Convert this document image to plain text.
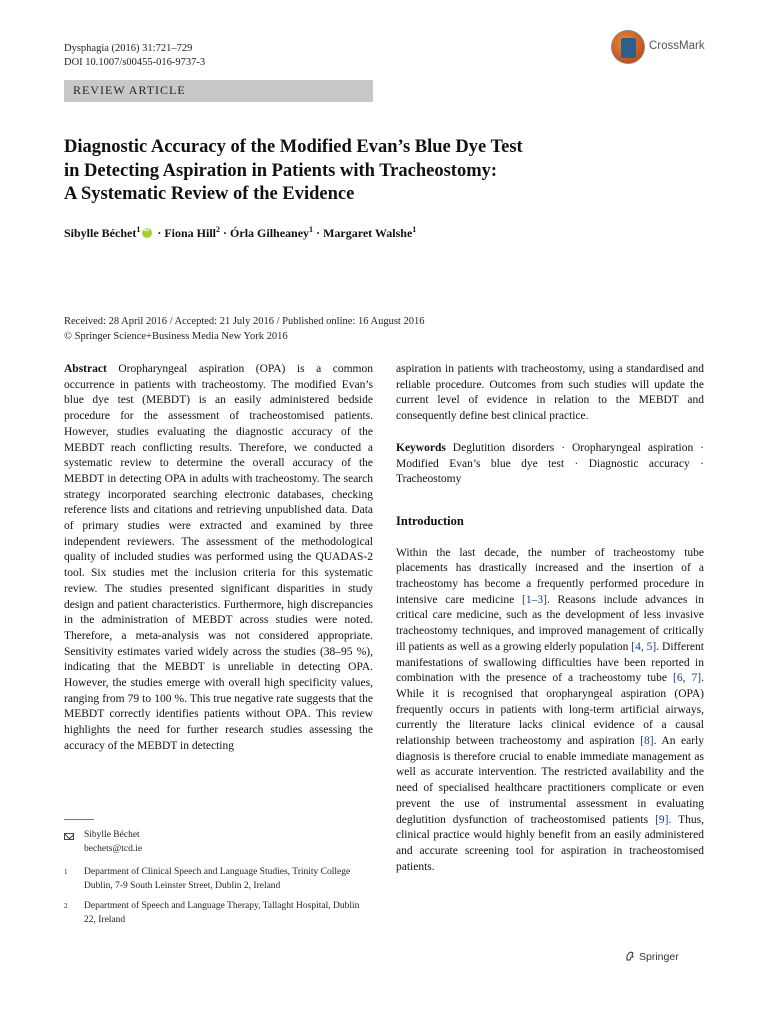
Dysphagia (2016) 31:721–729
DOI 10.1007/s00455-016-9737-3
CrossMark
REVIEW ARTICLE
Diagnostic Accuracy of the Modified Evan’s Blue Dye Test
in Detecting Aspiration in Patients with Tracheostomy:
A Systematic Review of the Evidence
Sibylle Béchet$^1$iD · Fiona Hill$^2$ · Órla Gilheaney$^1$ · Margaret Walshe$^1$
Received: 28 April 2016 / Accepted: 21 July 2016 / Published online: 16 August 2016
© Springer Science+Business Media New York 2016

Abstract Oropharyngeal aspiration (OPA) is a common occurrence in patients with tracheostomy. The modified Evan’s blue dye test (MEBDT) is an easily administered bedside procedure for the assessment of tracheostomised patients. However, studies evaluating the diagnostic accuracy of the MEBDT reach conflicting results. Therefore, we conducted a systematic review to determine the overall accuracy of the MEBDT in detecting OPA in adults with tracheostomy. The search strategy incorporated searching electronic databases, checking reference lists and citations and retrieving unpublished data. Data of primary studies were extracted and examined by three independent reviewers. The assessment of the methodological quality of included studies was performed using the QUADAS-2 tool. Six studies met the inclusion criteria for this systematic review. The studies presented significant disparities in study design and patient characteristics. Furthermore, high discrepancies in the administration of MEBDT across studies were noted. Therefore, a meta-analysis was not considered appropriate. Sensitivity estimates varied widely across the studies (38–95 %), indicating that the MEBDT is unreliable in detecting OPA. However, the studies emerge with overall high specificity values, ranging from 79 to 100 %. This true negative rate suggests that the MEBDT correctly identifies patients without OPA. This review highlights the need for further research studies assessing the accuracy of the MEBDT in detecting

aspiration in patients with tracheostomy, using a standardised and reliable procedure. Outcomes from such studies will update the current level of evidence in relation to the MEBDT and consequently define best clinical practice.

Keywords Deglutition disorders · Oropharyngeal aspiration · Modified Evan’s blue dye test · Diagnostic accuracy · Tracheostomy

Introduction

Within the last decade, the number of tracheostomy tube placements has drastically increased and the insertion of a tracheostomy has become a frequently performed procedure in intensive care medicine [1–3]. Reasons include advances in critical care medicine, such as the development of less invasive tracheostomy techniques, and improved management of critically ill patients as well as a growing elderly population [4, 5]. Different manifestations of swallowing difficulties have been reported in combination with the presence of a tracheostomy tube [6, 7]. While it is recognised that oropharyngeal aspiration (OPA) frequently occurs in patients with long-term artificial airways, currently the literature lacks clinical evidence of a causal relationship between tracheostomy and aspiration [8]. An early diagnosis is therefore crucial to enable immediate management as well as accurate intervention. The restricted availability and the need of specialised healthcare practitioners complicate or even prevent the use of instrumental assessment in evaluating deglutition dysfunction of tracheostomised patients [9]. Thus, clinical practice would highly benefit from an easily administered and accurate screening tool for aspiration in tracheostomised patients.

Sibylle Béchet
bechets@tcd.ie
1 Department of Clinical Speech and Language Studies, Trinity College Dublin, 7-9 South Leinster Street, Dublin 2, Ireland
2 Department of Speech and Language Therapy, Tallaght Hospital, Dublin 22, Ireland
Springer
